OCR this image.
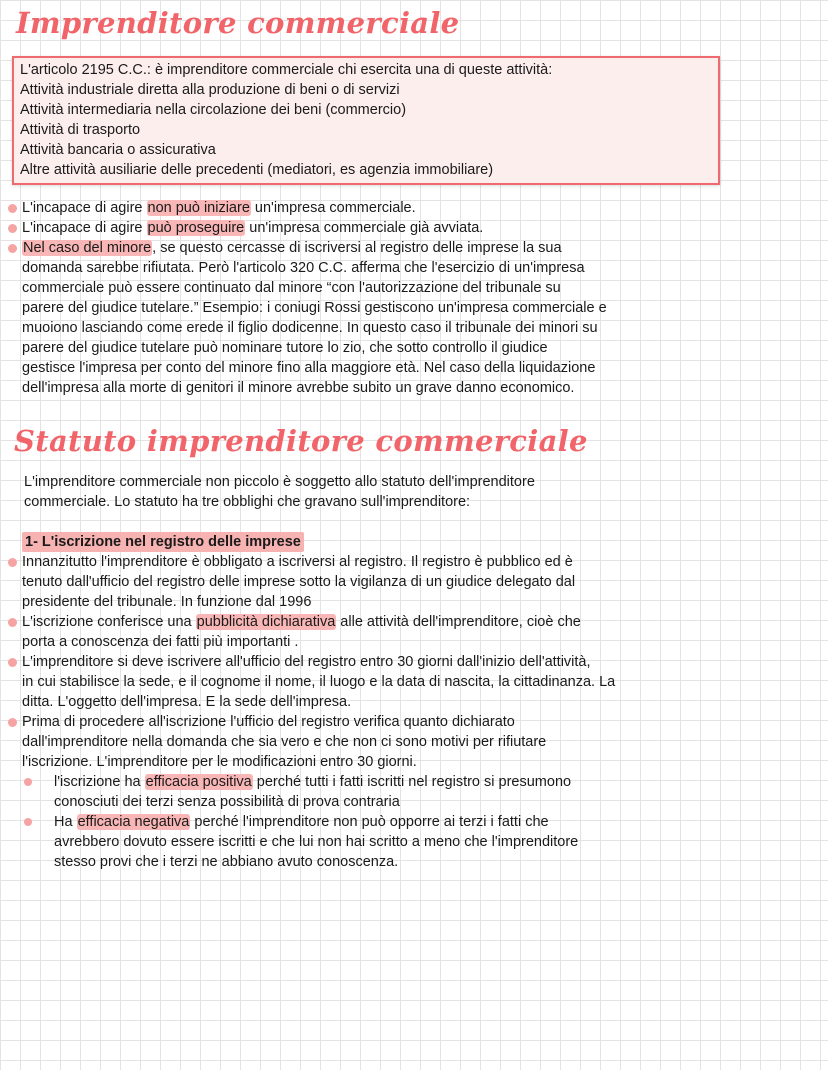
Imprenditore commerciale
L'articolo 2195 C.C.: è imprenditore commerciale chi esercita una di queste attività:
Attività industriale diretta alla produzione di beni o di servizi
Attività intermediaria nella circolazione dei beni (commercio)
Attività di trasporto
Attività bancaria o assicurativa
Altre attività ausiliarie delle precedenti (mediatori, es agenzia immobiliare)
L'incapace di agire non può iniziare un'impresa commerciale.
L'incapace di agire può proseguire un'impresa commerciale già avviata.
Nel caso del minore, se questo cercasse di iscriversi al registro delle imprese la sua
domanda sarebbe rifiutata. Però l'articolo 320 C.C. afferma che l'esercizio di un'impresa
commerciale può essere continuato dal minore “con l'autorizzazione del tribunale su
parere del giudice tutelare.” Esempio: i coniugi Rossi gestiscono un'impresa commerciale e
muoiono lasciando come erede il figlio dodicenne. In questo caso il tribunale dei minori su
parere del giudice tutelare può nominare tutore lo zio, che sotto controllo il giudice
gestisce l'impresa per conto del minore fino alla maggiore età. Nel caso della liquidazione
dell'impresa alla morte di genitori il minore avrebbe subito un grave danno economico.
Statuto imprenditore commerciale
L'imprenditore commerciale non piccolo è soggetto allo statuto dell'imprenditore
commerciale. Lo statuto ha tre obblighi che gravano sull'imprenditore:
1- L'iscrizione nel registro delle imprese
Innanzitutto l'imprenditore è obbligato a iscriversi al registro. Il registro è pubblico ed è
tenuto dall'ufficio del registro delle imprese sotto la vigilanza di un giudice delegato dal
presidente del tribunale. In funzione dal 1996
L'iscrizione conferisce una pubblicità dichiarativa alle attività dell'imprenditore, cioè che
porta a conoscenza dei fatti più importanti .
L'imprenditore si deve iscrivere all'ufficio del registro entro 30 giorni dall'inizio dell'attività,
in cui stabilisce la sede, e il cognome il nome, il luogo e la data di nascita, la cittadinanza. La
ditta. L'oggetto dell'impresa. E la sede dell'impresa.
Prima di procedere all'iscrizione l'ufficio del registro verifica quanto dichiarato
dall'imprenditore nella domanda che sia vero e che non ci sono motivi per rifiutare
l'iscrizione. L'imprenditore per le modificazioni entro 30 giorni.
l'iscrizione ha efficacia positiva perché tutti i fatti iscritti nel registro si presumono
conosciuti dei terzi senza possibilità di prova contraria
Ha efficacia negativa perché l'imprenditore non può opporre ai terzi i fatti che
avrebbero dovuto essere iscritti e che lui non hai scritto a meno che l'imprenditore
stesso provi che i terzi ne abbiano avuto conoscenza.
